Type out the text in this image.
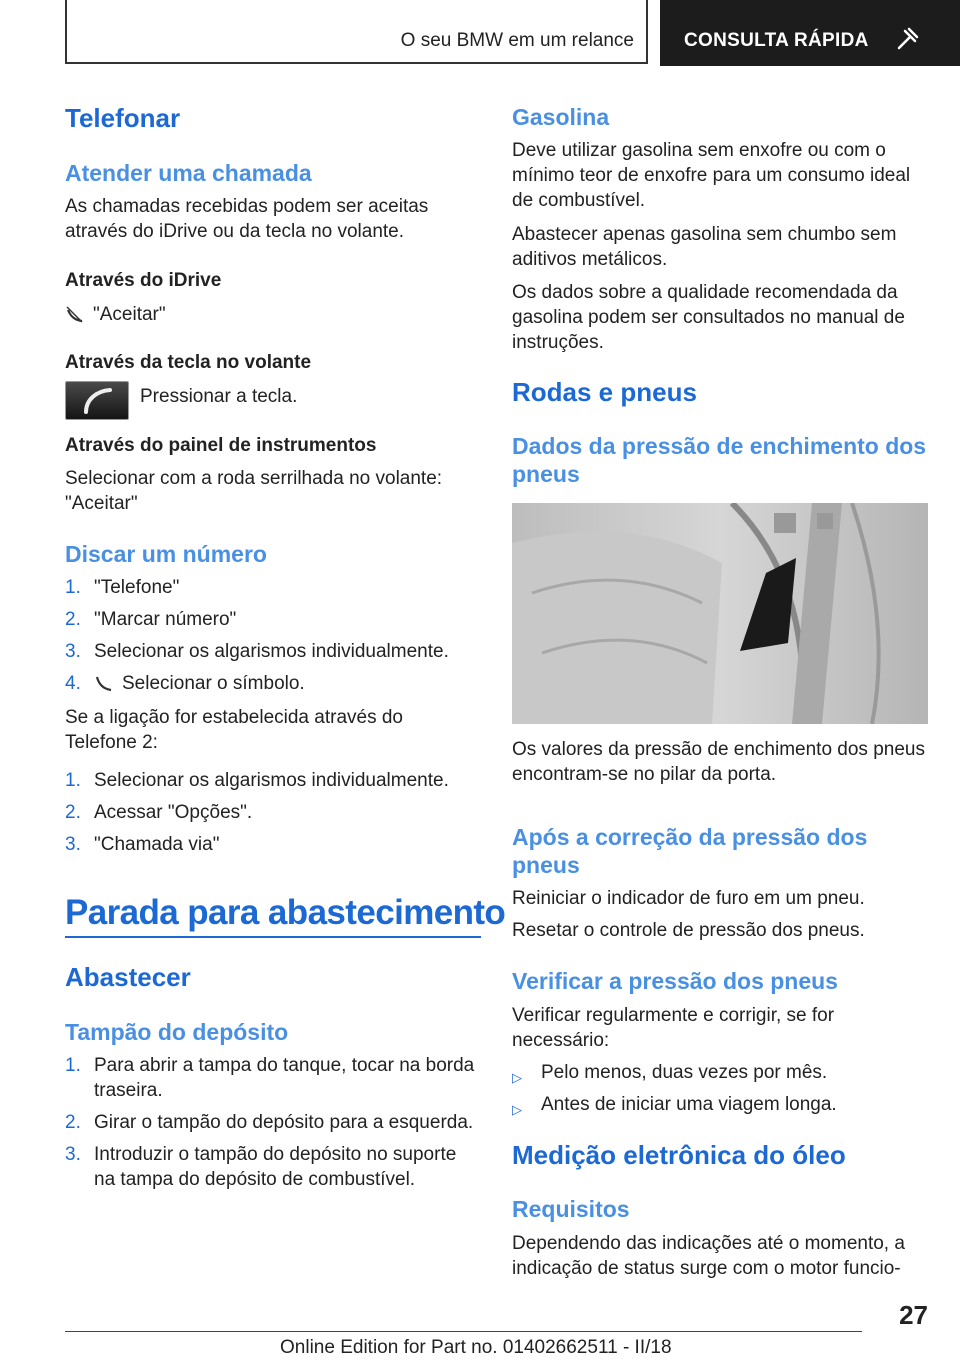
O seu BMW em um relance	CONSULTA RÁPIDA
Telefonar
Atender uma chamada
As chamadas recebidas podem ser aceitas através do iDrive ou da tecla no volante.
Através do iDrive
"Aceitar"
Através da tecla no volante
Pressionar a tecla.
Através do painel de instrumentos
Selecionar com a roda serrilhada no volante: "Aceitar"
Discar um número
1. "Telefone"
2. "Marcar número"
3. Selecionar os algarismos individualmente.
4. Selecionar o símbolo.
Se a ligação for estabelecida através do Telefone 2:
1. Selecionar os algarismos individualmente.
2. Acessar "Opções".
3. "Chamada via"
Parada para abastecimento
Abastecer
Tampão do depósito
1. Para abrir a tampa do tanque, tocar na borda traseira.
2. Girar o tampão do depósito para a esquerda.
3. Introduzir o tampão do depósito no suporte na tampa do depósito de combustível.
Gasolina
Deve utilizar gasolina sem enxofre ou com o mínimo teor de enxofre para um consumo ideal de combustível.
Abastecer apenas gasolina sem chumbo sem aditivos metálicos.
Os dados sobre a qualidade recomendada da gasolina podem ser consultados no manual de instruções.
Rodas e pneus
Dados da pressão de enchimento dos pneus
Os valores da pressão de enchimento dos pneus encontram-se no pilar da porta.
Após a correção da pressão dos pneus
Reiniciar o indicador de furo em um pneu.
Resetar o controle de pressão dos pneus.
Verificar a pressão dos pneus
Verificar regularmente e corrigir, se for necessário:
▷ Pelo menos, duas vezes por mês.
▷ Antes de iniciar uma viagem longa.
Medição eletrônica do óleo
Requisitos
Dependendo das indicações até o momento, a indicação de status surge com o motor funcio-
27
Online Edition for Part no. 01402662511 - II/18
